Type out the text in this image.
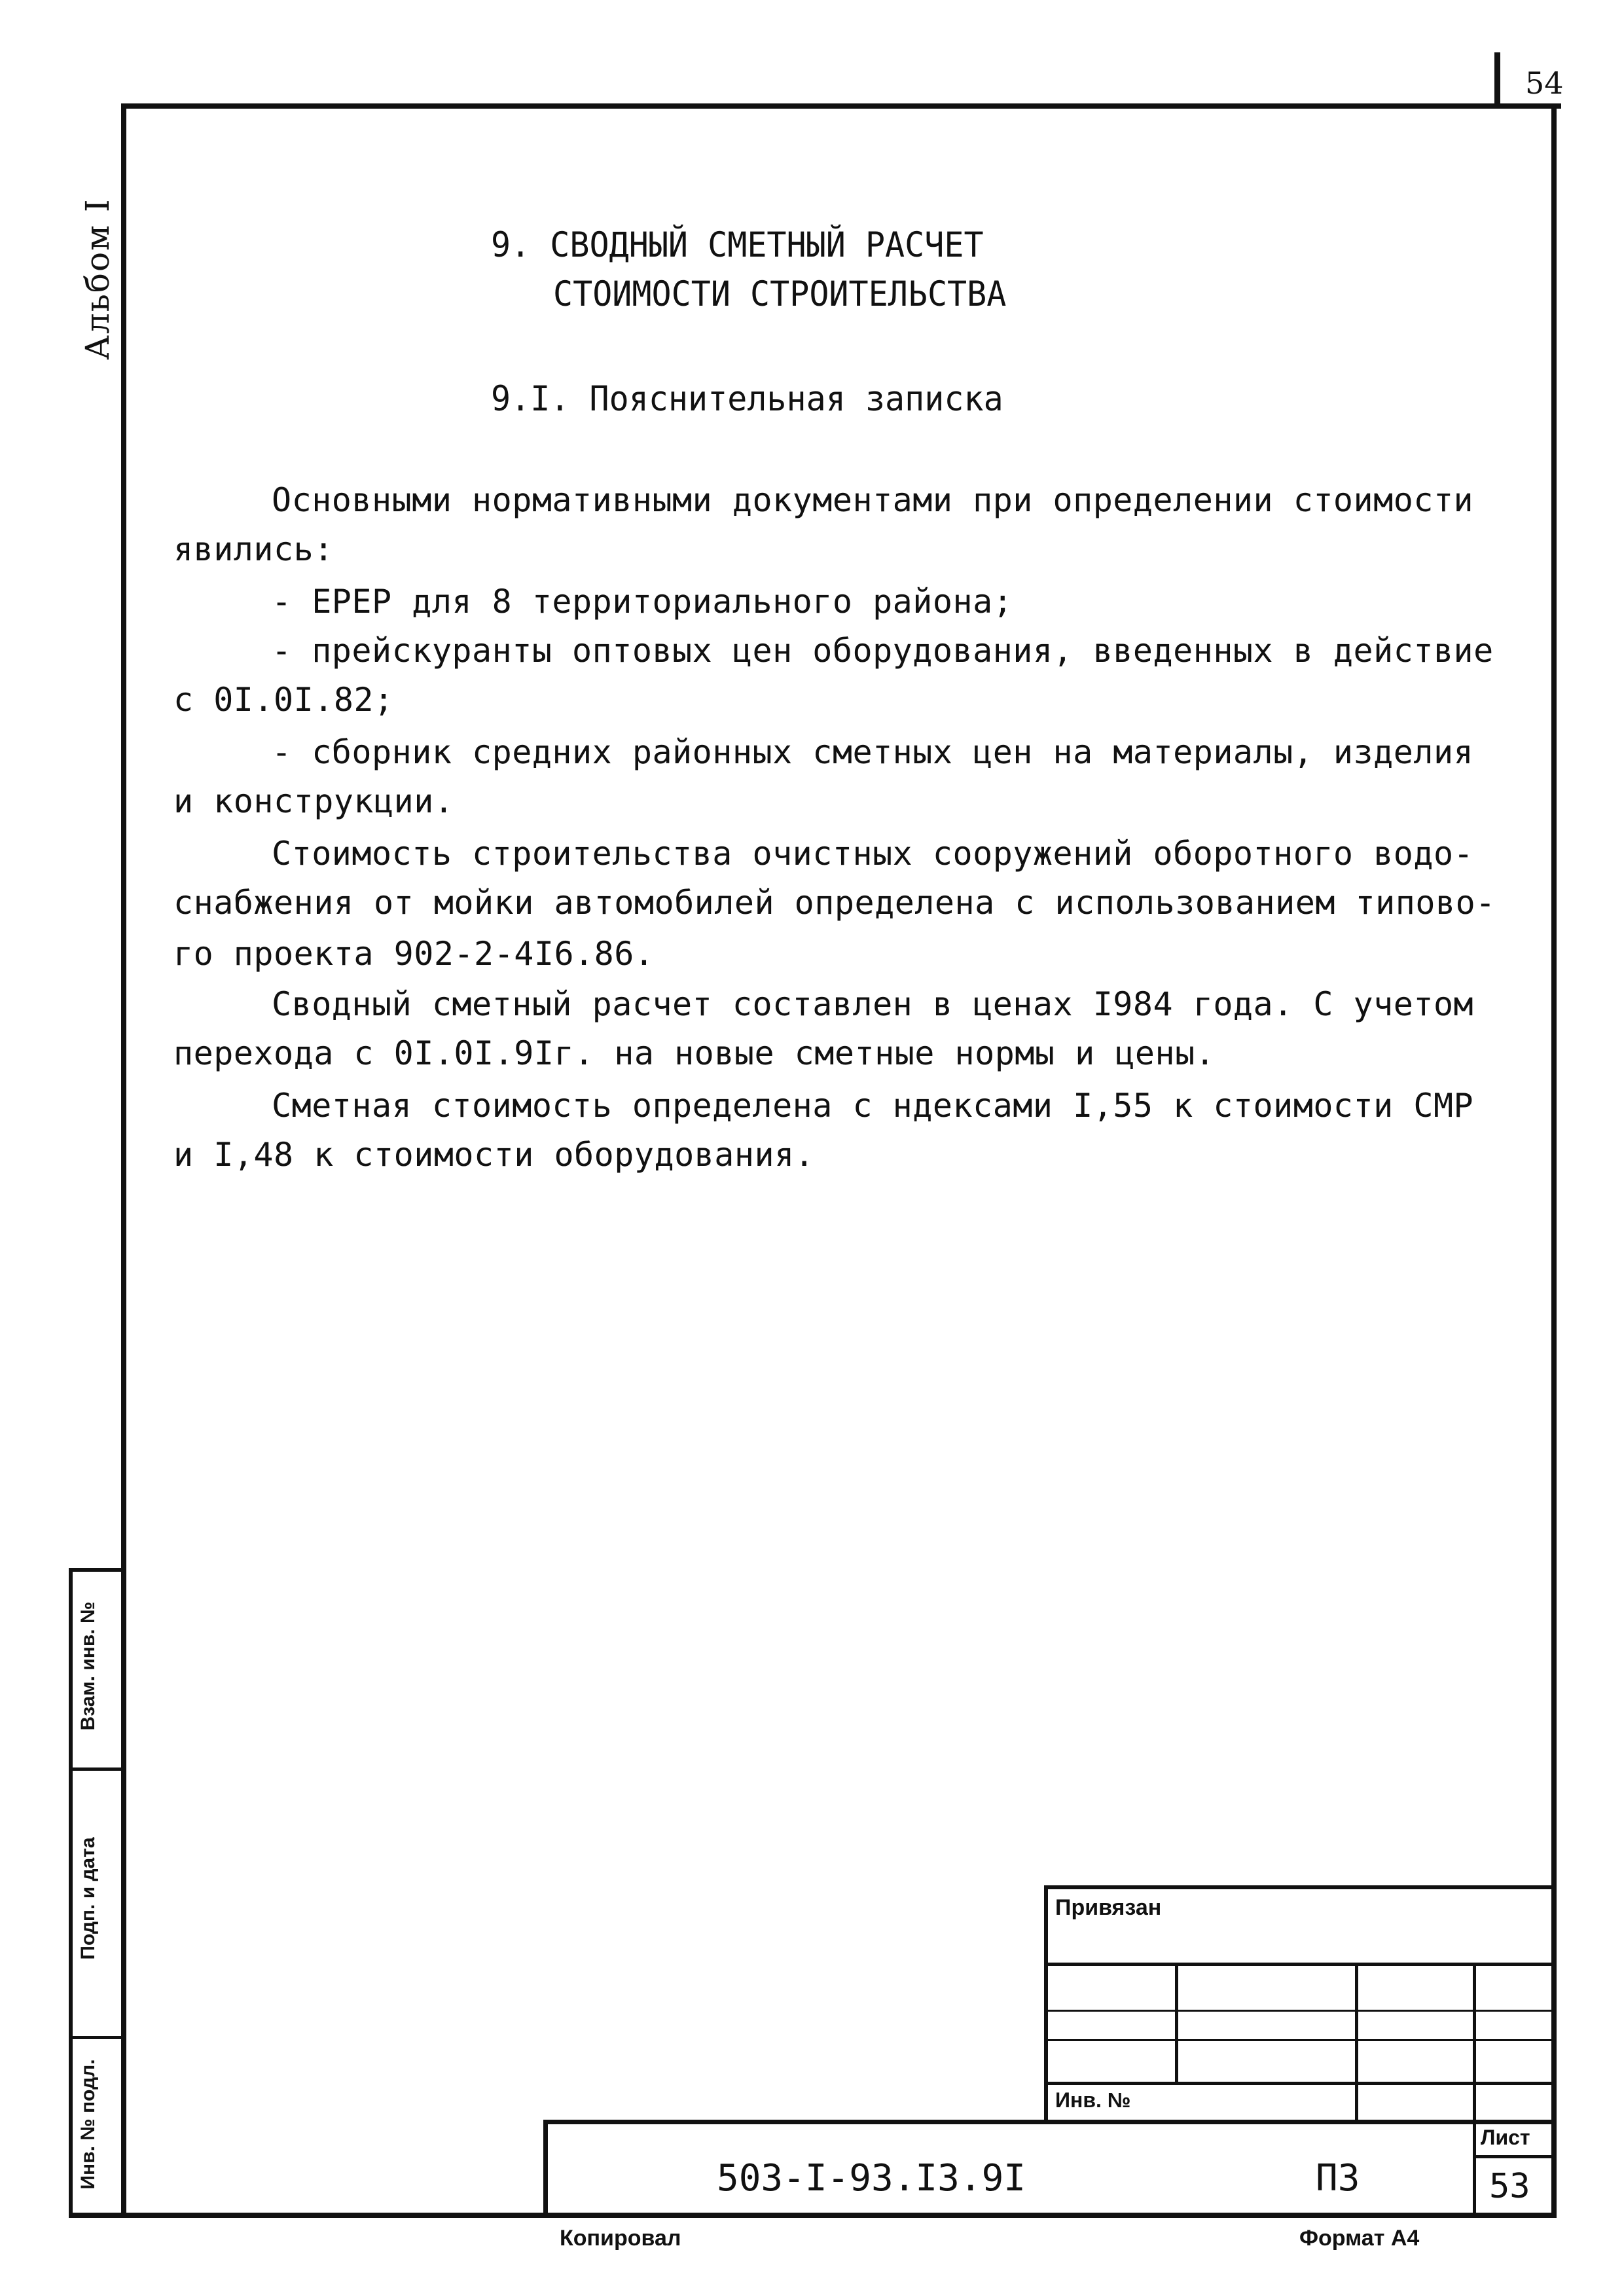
54
Альбом I	9. СВОДНЫЙ СМЕТНЫЙ РАСЧЕТ
СТОИМОСТИ СТРОИТЕЛЬСТВА
9.I. Пояснительная записка
Основными нормативными документами при определении стоимости
явились:
- ЕРЕР для 8 территориального района;
- прейскуранты оптовых цен оборудования, введенных в действие
с 0I.0I.82;
- сборник средних районных сметных цен на материалы, изделия
и конструкции.
Стоимость строительства очистных сооружений оборотного водо-
снабжения от мойки автомобилей определена с использованием типово-
го проекта 902-2-4I6.86.
Сводный сметный расчет составлен в ценах I984 года. С учетом
перехода с 0I.0I.9Iг. на новые сметные нормы и цены.
Сметная стоимость определена с ндексами I,55 к стоимости СМР
и I,48 к стоимости оборудования.
Взам. инв. №
Подп. и дата
Инв. № подл.
Привязан
Инв. №
503-I-93.I3.9I	ПЗ
Лист
53
Копировал	Формат А4
